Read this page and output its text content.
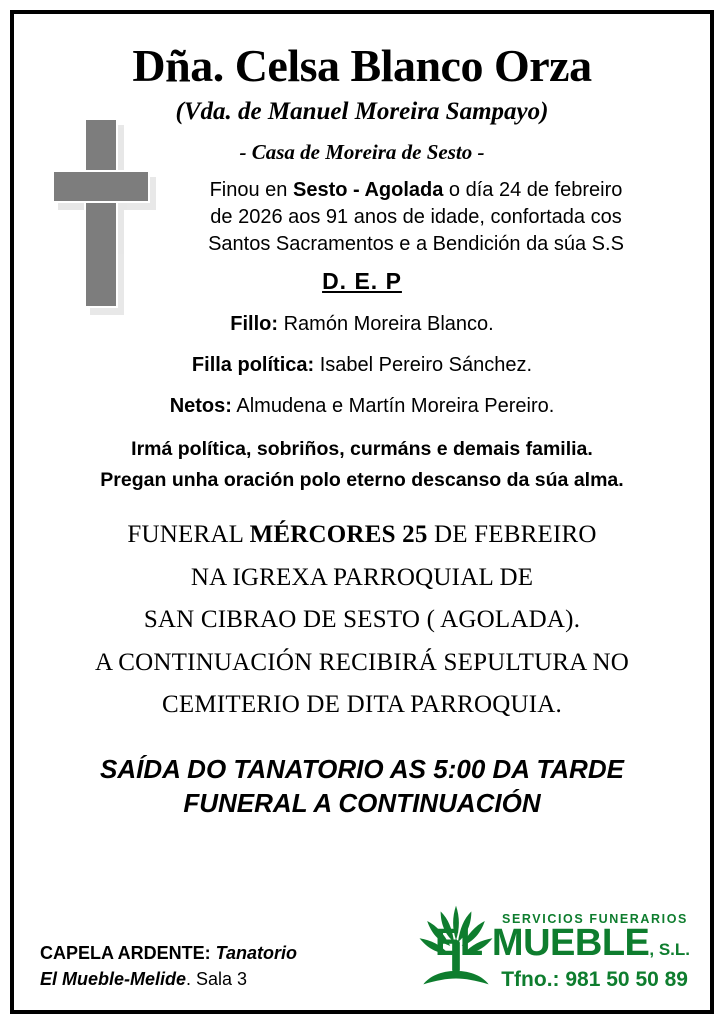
Dña. Celsa Blanco Orza
(Vda. de Manuel Moreira Sampayo)
- Casa de Moreira de Sesto -
Finou en Sesto - Agolada o día 24 de febreiro
de 2026 aos 91 anos de idade, confortada cos
Santos Sacramentos e a Bendición da súa S.S
D. E. P
Fillo: Ramón Moreira Blanco.
Filla política: Isabel Pereiro Sánchez.
Netos: Almudena e Martín Moreira Pereiro.
Irmá política, sobriños, curmáns e demais familia.
Pregan unha oración polo eterno descanso da súa alma.
FUNERAL MÉRCORES 25 DE FEBREIRO
NA IGREXA PARROQUIAL DE
SAN CIBRAO DE SESTO ( AGOLADA).
A CONTINUACIÓN RECIBIRÁ SEPULTURA NO
CEMITERIO DE DITA PARROQUIA.
SAÍDA DO TANATORIO AS 5:00 DA TARDE
FUNERAL A CONTINUACIÓN
CAPELA ARDENTE: Tanatorio
El Mueble-Melide. Sala 3
SERVICIOS FUNERARIOS
EL MUEBLE, S.L.
Tfno.: 981 50 50 89
